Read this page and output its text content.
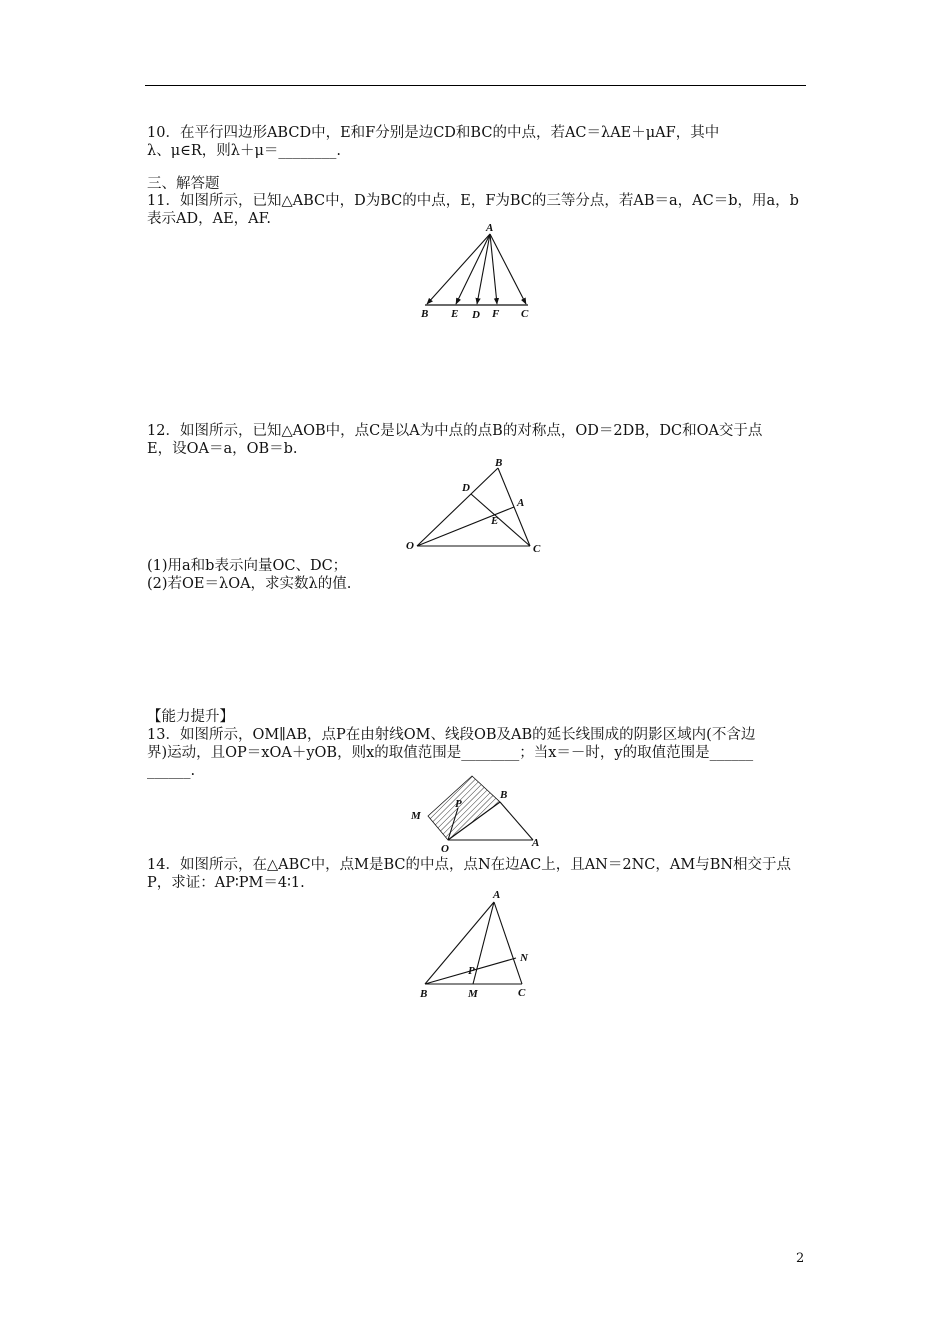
10．在平行四边形ABCD中，E和F分别是边CD和BC的中点，若AC＝λAE＋μAF，其中
λ、μ∈R，则λ＋μ＝________.
三、解答题
11．如图所示，已知△ABC中，D为BC的中点，E，F为BC的三等分点，若AB＝a，AC＝b，用a，b
表示AD，AE，AF.
A
B E D F C
12．如图所示，已知△AOB中，点C是以A为中点的点B的对称点，OD＝2DB，DC和OA交于点
E，设OA＝a，OB＝b.
B
D
A
E
O	C
(1)用a和b表示向量OC、DC；
(2)若OE＝λOA，求实数λ的值.
【能力提升】
13．如图所示，OM∥AB，点P在由射线OM、线段OB及AB的延长线围成的阴影区域内(不含边
界)运动，且OP＝xOA＋yOB，则x的取值范围是________；当x＝－时，y的取值范围是______
______.
B
P
M
O	A
14．如图所示，在△ABC中，点M是BC的中点，点N在边AC上，且AN＝2NC，AM与BN相交于点
P，求证：AP∶PM＝4∶1.
A
N
P
B	M	C
2
